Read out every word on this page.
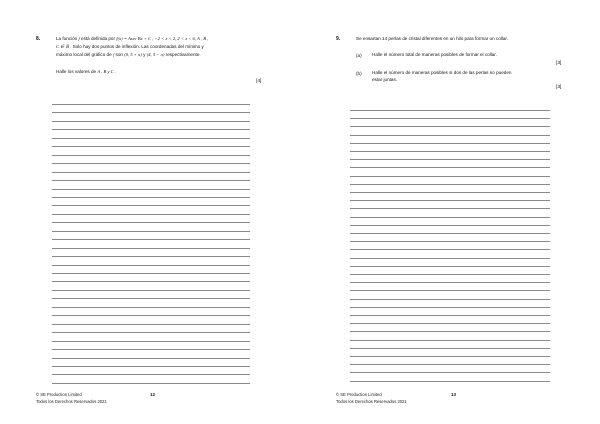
8.	La función f está definida por f(x) = Asec Bx + C , −2 < x < 2, 2 < x < 6, A , B ,
C ∈ ℝ . Solo hay dos puntos de inflexión. Las coordenadas del mínimo y
máximo local del gráfico de f son (0, 5 + π) y (4, 5 − π) respectivamente.
Halle los valores de A , B y C .
[4]
© SE Production Limited
Todos los Derechos Reservados 2021
12
9.	Se ensartan 14 perlas de cristal diferentes en un hilo para formar un collar.
(a) Halle el número total de maneras posibles de formar el collar.
[3]
(b) Halle el número de maneras posibles si dos de las perlas no pueden
estar juntas.
[3]
© SE Production Limited
Todos los Derechos Reservados 2021
13
